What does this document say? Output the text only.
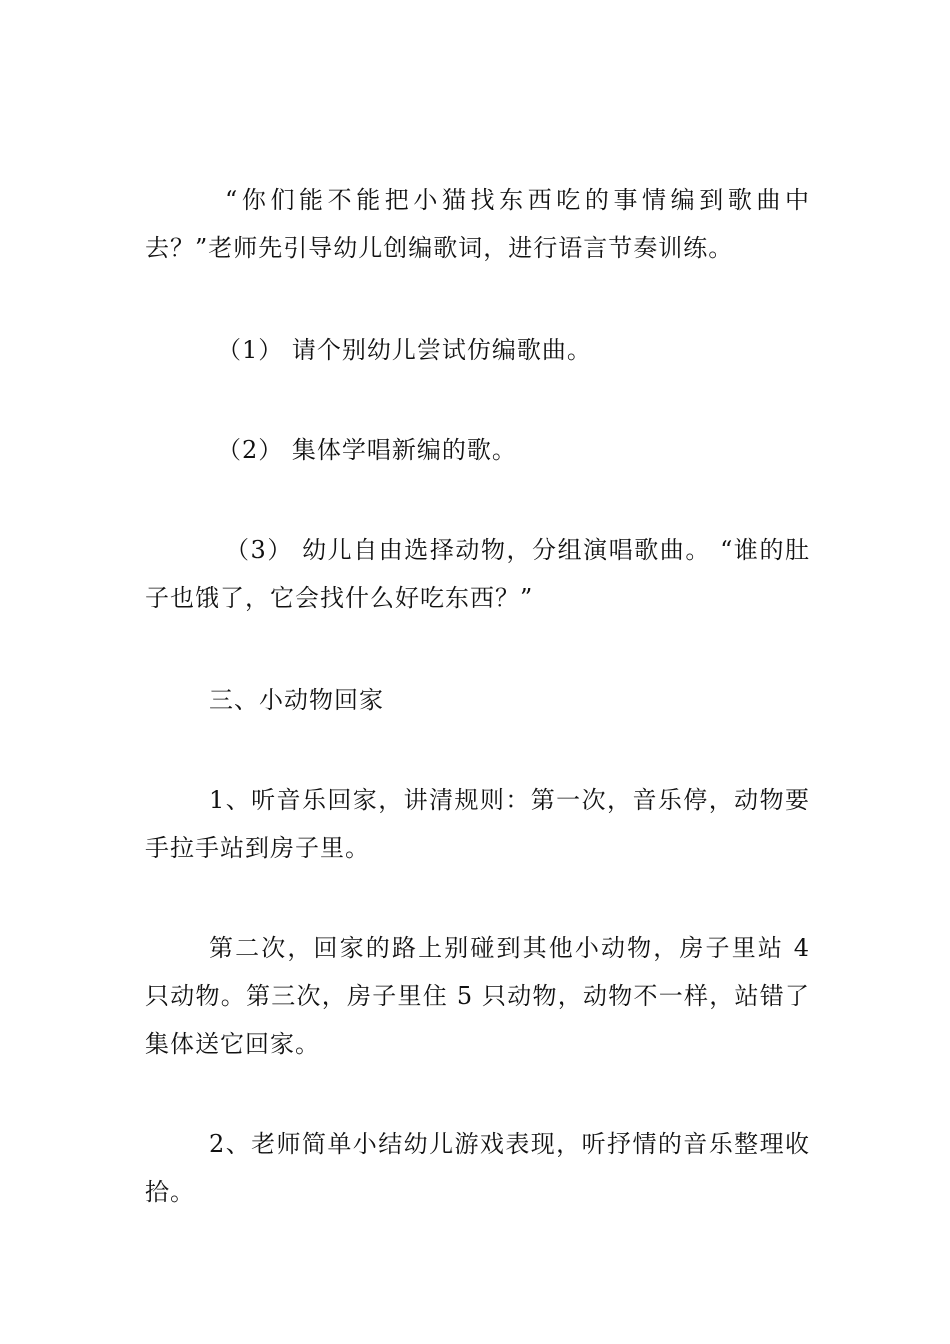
“你们能不能把小猫找东西吃的事情编到歌曲中去？”老师先引导幼儿创编歌词，进行语言节奏训练。

（1） 请个别幼儿尝试仿编歌曲。

（2） 集体学唱新编的歌。

（3） 幼儿自由选择动物，分组演唱歌曲。 “谁的肚子也饿了，它会找什么好吃东西？”

三、小动物回家

1、听音乐回家，讲清规则：第一次，音乐停，动物要手拉手站到房子里。

第二次，回家的路上别碰到其他小动物，房子里站 4 只动物。第三次，房子里住 5 只动物，动物不一样，站错了集体送它回家。

2、老师简单小结幼儿游戏表现，听抒情的音乐整理收拾。
